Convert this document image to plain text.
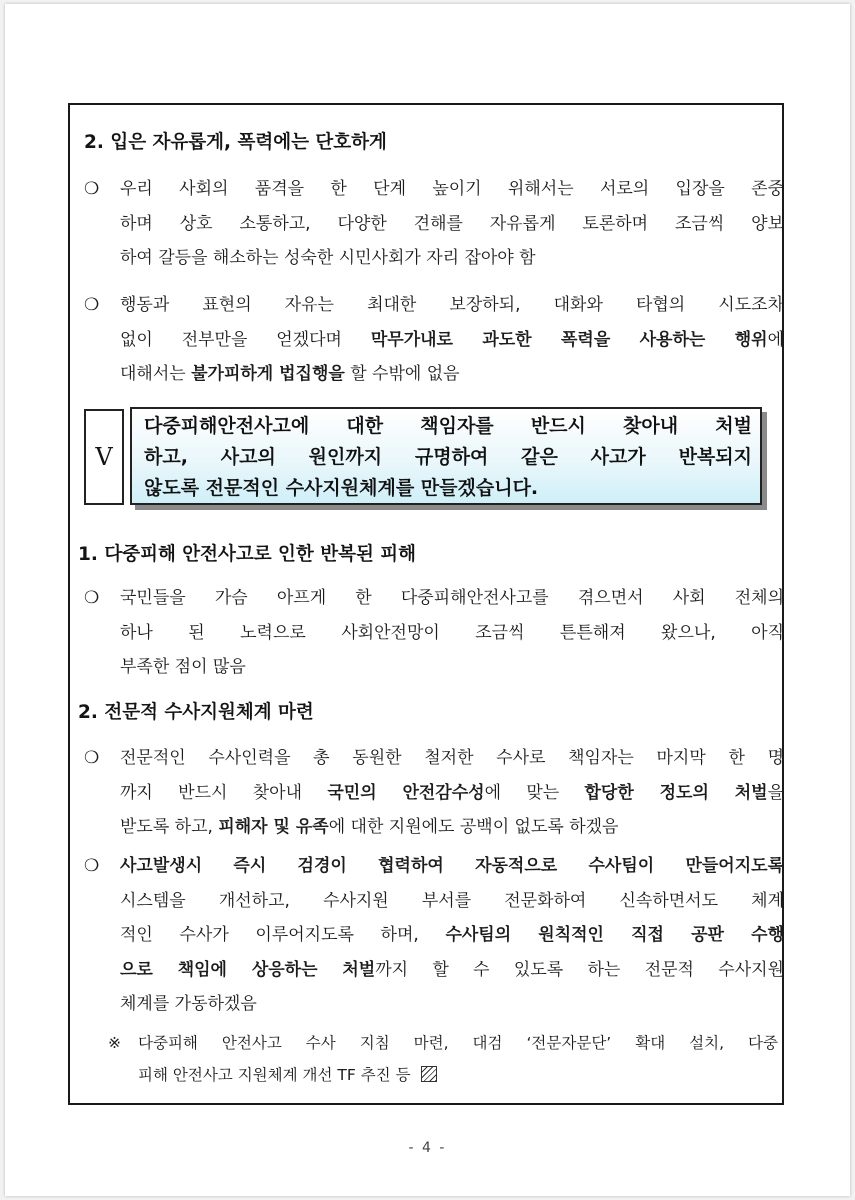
2. 입은 자유롭게, 폭력에는 단호하게
❍	우리 사회의 품격을 한 단계 높이기 위해서는 서로의 입장을 존중
하며 상호 소통하고, 다양한 견해를 자유롭게 토론하며 조금씩 양보
하여 갈등을 해소하는 성숙한 시민사회가 자리 잡아야 함
❍	행동과 표현의 자유는 최대한 보장하되, 대화와 타협의 시도조차
없이 전부만을 얻겠다며 막무가내로 과도한 폭력을 사용하는 행위에
대해서는 불가피하게 법집행을 할 수밖에 없음
V
다중피해안전사고에 대한 책임자를 반드시 찾아내 처벌
하고, 사고의 원인까지 규명하여 같은 사고가 반복되지
않도록 전문적인 수사지원체계를 만들겠습니다.
1. 다중피해 안전사고로 인한 반복된 피해
❍	국민들을 가슴 아프게 한 다중피해안전사고를 겪으면서 사회 전체의
하나 된 노력으로 사회안전망이 조금씩 튼튼해져 왔으나, 아직
부족한 점이 많음
2. 전문적 수사지원체계 마련
❍	전문적인 수사인력을 총 동원한 철저한 수사로 책임자는 마지막 한 명
까지 반드시 찾아내 국민의 안전감수성에 맞는 합당한 정도의 처벌을
받도록 하고, 피해자 및 유족에 대한 지원에도 공백이 없도록 하겠음
❍	사고발생시 즉시 검경이 협력하여 자동적으로 수사팀이 만들어지도록
시스템을 개선하고, 수사지원 부서를 전문화하여 신속하면서도 체계
적인 수사가 이루어지도록 하며, 수사팀의 원칙적인 직접 공판 수행
으로 책임에 상응하는 처벌까지 할 수 있도록 하는 전문적 수사지원
체계를 가동하겠음
※	다중피해 안전사고 수사 지침 마련, 대검 ‘전문자문단’ 확대 설치, 다중
피해 안전사고 지원체계 개선 TF 추진 등
- 4 -
